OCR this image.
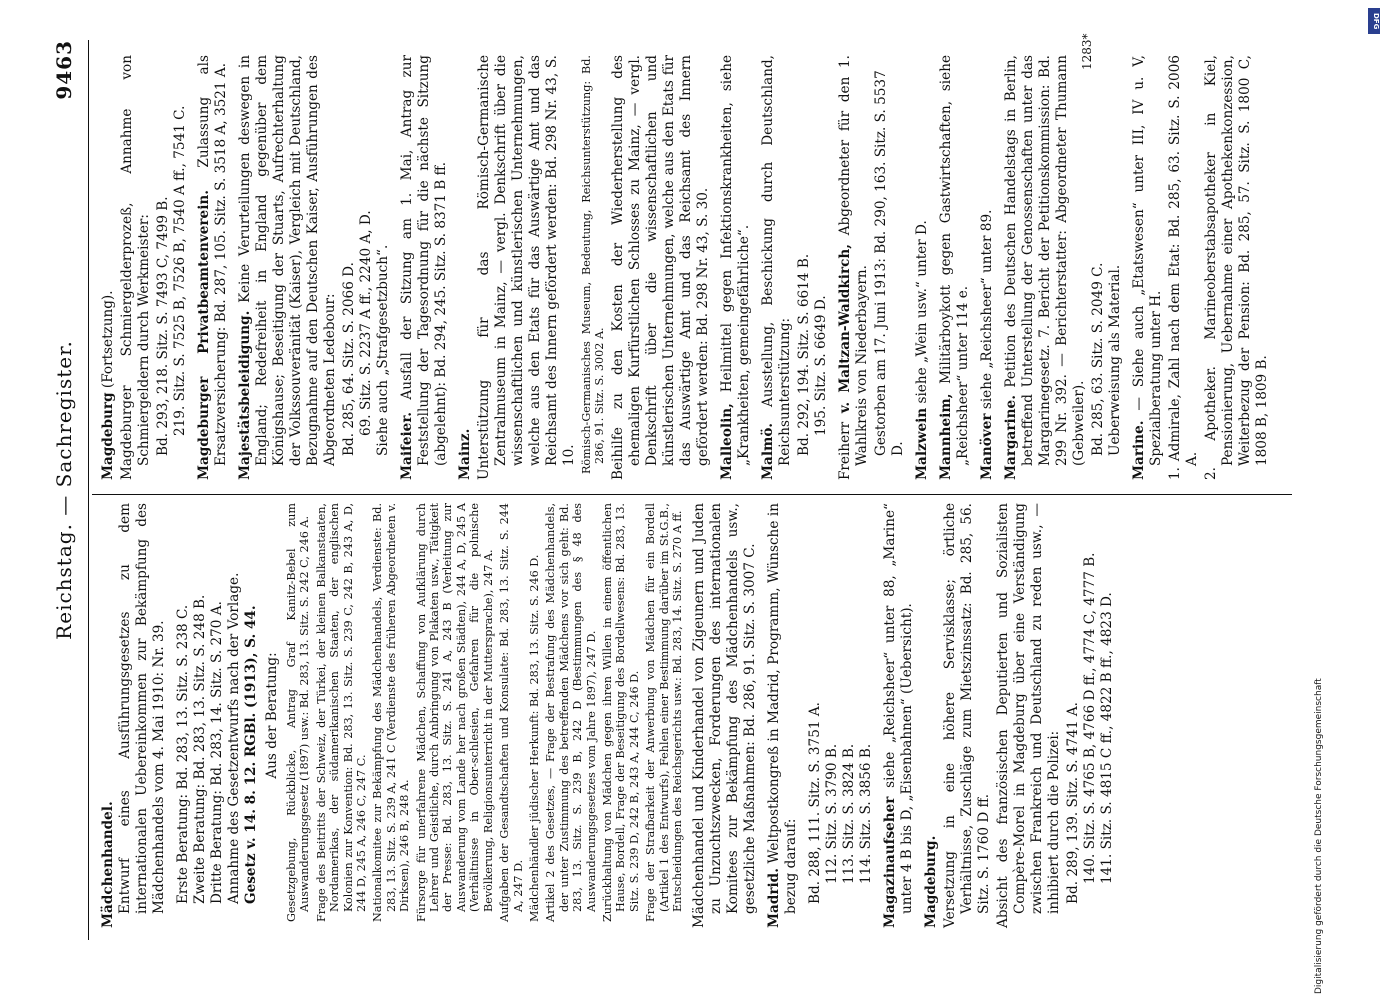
DFG
Digitalisierung gefördert durch die Deutsche Forschungsgemeinschaft
Reichstag. — Sachregister.
9463

Mädchenhandel.
Entwurf eines Ausführungsgesetzes zu dem internationalen Uebereinkommen zur Bekämpfung des Mädchenhandels vom 4. Mai 1910: Nr. 39. Erste Beratung: Bd. 283, 13. Sitz. S. 238 C. Zweite Beratung: Bd. 283, 13. Sitz. S. 248 B. Dritte Beratung: Bd. 283, 14. Sitz. S. 270 A. Annahme des Gesetzentwurfs nach der Vorlage. Gesetz v. 14. 8. 12. RGBl. (1913), S. 44. Aus der Beratung: Gesetzgebung, Rückblicke, Antrag Graf Kanitz-Bebel zum Auswanderungsgesetz (1897) usw.: Bd. 283, 13. Sitz. S. 242 C, 246 A. Frage des Beitritts der Schweiz, der Türkei, der kleinen Balkanstaaten, Nordamerikas, der südamerikanischen Staaten, der englischen Kolonien zur Konvention: Bd. 283, 13. Sitz. S. 239 C, 242 B, 243 A, D, 244 D, 245 A, 246 C, 247 C. Nationalkomitee zur Bekämpfung des Mädchenhandels, Verdienste: Bd. 283, 13. Sitz. S. 239 A, 241 C (Verdienste des früheren Abgeordneten v. Dirksen), 246 B, 248 A. Fürsorge für unerfahrene Mädchen, Schaffung von Aufklärung durch Lehrer und Geistliche, durch Anbringung von Plakaten usw., Tätigkeit der Presse: Bd. 283, 13. Sitz. S. 241 A, 243 B (Verleitung zur Auswanderung vom Lande her nach großen Städten), 244 A, D, 245 A (Verhältnisse in Ober-schlesien, Gefahren für die polnische Bevölkerung, Religionsunterricht in der Muttersprache), 247 A. Aufgaben der Gesandtschaften und Konsulate: Bd. 283, 13. Sitz. S. 244 A, 247 D. Mädchenhändler jüdischer Herkunft: Bd. 283, 13. Sitz. S. 246 D. Artikel 2 des Gesetzes, — Frage der Bestrafung des Mädchenhandels, der unter Zustimmung des betreffenden Mädchens vor sich geht: Bd. 283, 13. Sitz. S. 239 B, 242 D (Bestimmungen des § 48 des Auswanderungsgesetzes vom Jahre 1897), 247 D. Zurückhaltung von Mädchen gegen ihren Willen in einem öffentlichen Hause, Bordell, Frage der Beseitigung des Bordellwesens: Bd. 283, 13. Sitz. S. 239 D, 242 B, 243 A, 244 C, 246 D. Frage der Strafbarkeit der Anwerbung von Mädchen für ein Bordell (Artikel 1 des Entwurfs), Fehlen einer Bestimmung darüber im St.G.B., Entscheidungen des Reichsgerichts usw.: Bd. 283, 14. Sitz. S. 270 A ff. Mädchenhandel und Kinderhandel von Zigeunern und Juden zu Unzuchtszwecken, Forderungen des internationalen Komitees zur Bekämpfung des Mädchenhandels usw., gesetzliche Maßnahmen: Bd. 286, 91. Sitz. S. 3007 C. Madrid. Weltpostkongreß in Madrid, Programm, Wünsche in bezug darauf: Bd. 288, 111. Sitz. S. 3751 A. 112. Sitz. S. 3790 B. 113. Sitz. S. 3824 B. 114. Sitz. S. 3856 B. Magazinaufseher siehe „Reichsheer“ unter 88, „Marine“ unter 4 B bis D, „Eisenbahnen“ (Uebersicht). Magdeburg. Versetzung in eine höhere Servisklasse; örtliche Verhältnisse, Zuschläge zum Mietszinssatz: Bd. 285, 56. Sitz. S. 1760 D ff. Absicht des französischen Deputierten und Sozialisten Compère-Morel in Magdeburg über eine Verständigung zwischen Frankreich und Deutschland zu reden usw., — inhibiert durch die Polizei: Bd. 289, 139. Sitz. S. 4741 A. 140. Sitz. S. 4765 B, 4766 D ff., 4774 C, 4777 B. 141. Sitz. S. 4815 C ff., 4822 B ff., 4823 D.

Magdeburg (Fortsetzung). Magdeburger Schmiergelderprozeß, Annahme von Schmiergeldern durch Werkmeister: Bd. 293, 218. Sitz. S. 7493 C, 7499 B. 219. Sitz. S. 7525 B, 7526 B, 7540 A ff., 7541 C. Magdeburger Privatbeamtenverein. Zulassung als Ersatzversicherung: Bd. 287, 105. Sitz. S. 3518 A, 3521 A. Majestätsbeleidigung. Keine Verurteilungen deswegen in England; Redefreiheit in England gegenüber dem Königshause; Beseitigung der Stuarts, Aufrechterhaltung der Volkssouveränität (Kaiser), Vergleich mit Deutschland, Bezugnahme auf den Deutschen Kaiser, Ausführungen des Abgeordneten Ledebour: Bd. 285, 64. Sitz. S. 2066 D. 69. Sitz. S. 2237 A ff., 2240 A, D. Siehe auch „Strafgesetzbuch“. Maifeier. Ausfall der Sitzung am 1. Mai, Antrag zur Feststellung der Tagesordnung für die nächste Sitzung (abgelehnt): Bd. 294, 245. Sitz. S. 8371 B ff. Mainz. Unterstützung für das Römisch-Germanische Zentralmuseum in Mainz, — vergl. Denkschrift über die wissenschaftlichen und künstlerischen Unternehmungen, welche aus den Etats für das Auswärtige Amt und das Reichsamt des Innern gefördert werden: Bd. 298 Nr. 43, S. 10. Römisch-Germanisches Museum, Bedeutung, Reichsunterstützung: Bd. 286, 91. Sitz. S. 3002 A. Beihilfe zu den Kosten der Wiederherstellung des ehemaligen Kurfürstlichen Schlosses zu Mainz, — vergl. Denkschrift über die wissenschaftlichen und künstlerischen Unternehmungen, welche aus den Etats für das Auswärtige Amt und das Reichsamt des Innern gefördert werden: Bd. 298 Nr. 43, S. 30. Malleolin, Heilmittel gegen Infektionskrankheiten, siehe „Krankheiten, gemeingefährliche“. Malmö. Ausstellung, Beschickung durch Deutschland, Reichsunterstützung: Bd. 292, 194. Sitz. S. 6614 B. 195. Sitz. S. 6649 D.

Freiherr v. Maltzan-Waldkirch, Abgeordneter für den 1. Wahlkreis von Niederbayern. Gestorben am 17. Juni 1913: Bd. 290, 163. Sitz. S. 5537 D. Malzwein siehe „Wein usw.“ unter D.

Mannheim, Militärboykott gegen Gastwirtschaften, siehe „Reichsheer“ unter 114 e. Manöver siehe „Reichsheer“ unter 89.

Margarine. Petition des Deutschen Handelstags in Berlin, betreffend Unterstellung der Genossenschaften unter das Margarinegesetz. 7. Bericht der Petitionskommission: Bd. 299 Nr. 392. — Berichterstatter: Abgeordneter Thumann (Gebweiler). Bd. 285, 63. Sitz. S. 2049 C. Ueberweisung als Material. Marine. — Siehe auch „Etatswesen“ unter III, IV u. V, Spezialberatung unter H. 1. Admirale, Zahl nach dem Etat: Bd. 285, 63. Sitz. S. 2006 A. 2. Apotheker. Marineoberstabsapotheker in Kiel, Pensionierung, Uebernahme einer Apothekenkonzession, Weiterbezug der Pension: Bd. 285, 57. Sitz. S. 1800 C, 1808 B, 1809 B.

1283*
